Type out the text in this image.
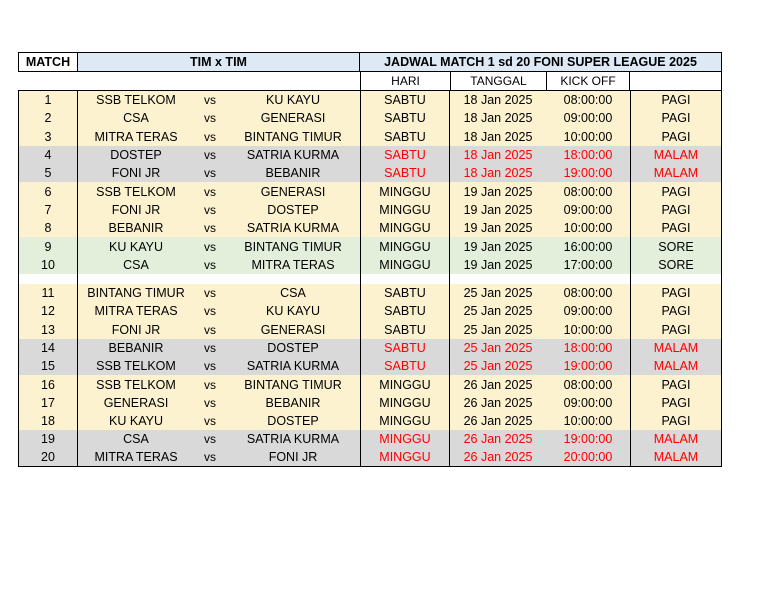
MATCH	TIM x TIM	JADWAL MATCH 1 sd 20 FONI SUPER LEAGUE 2025
HARI	TANGGAL	KICK OFF
1	SSB TELKOM	vs	KU KAYU	SABTU	18 Jan 2025	08:00:00	PAGI
2	CSA	vs	GENERASI	SABTU	18 Jan 2025	09:00:00	PAGI
3	MITRA TERAS	vs	BINTANG TIMUR	SABTU	18 Jan 2025	10:00:00	PAGI
4	DOSTEP	vs	SATRIA KURMA	SABTU	18 Jan 2025	18:00:00	MALAM
5	FONI JR	vs	BEBANIR	SABTU	18 Jan 2025	19:00:00	MALAM
6	SSB TELKOM	vs	GENERASI	MINGGU	19 Jan 2025	08:00:00	PAGI
7	FONI JR	vs	DOSTEP	MINGGU	19 Jan 2025	09:00:00	PAGI
8	BEBANIR	vs	SATRIA KURMA	MINGGU	19 Jan 2025	10:00:00	PAGI
9	KU KAYU	vs	BINTANG TIMUR	MINGGU	19 Jan 2025	16:00:00	SORE
10	CSA	vs	MITRA TERAS	MINGGU	19 Jan 2025	17:00:00	SORE
11	BINTANG TIMUR	vs	CSA	SABTU	25 Jan 2025	08:00:00	PAGI
12	MITRA TERAS	vs	KU KAYU	SABTU	25 Jan 2025	09:00:00	PAGI
13	FONI JR	vs	GENERASI	SABTU	25 Jan 2025	10:00:00	PAGI
14	BEBANIR	vs	DOSTEP	SABTU	25 Jan 2025	18:00:00	MALAM
15	SSB TELKOM	vs	SATRIA KURMA	SABTU	25 Jan 2025	19:00:00	MALAM
16	SSB TELKOM	vs	BINTANG TIMUR	MINGGU	26 Jan 2025	08:00:00	PAGI
17	GENERASI	vs	BEBANIR	MINGGU	26 Jan 2025	09:00:00	PAGI
18	KU KAYU	vs	DOSTEP	MINGGU	26 Jan 2025	10:00:00	PAGI
19	CSA	vs	SATRIA KURMA	MINGGU	26 Jan 2025	19:00:00	MALAM
20	MITRA TERAS	vs	FONI JR	MINGGU	26 Jan 2025	20:00:00	MALAM
